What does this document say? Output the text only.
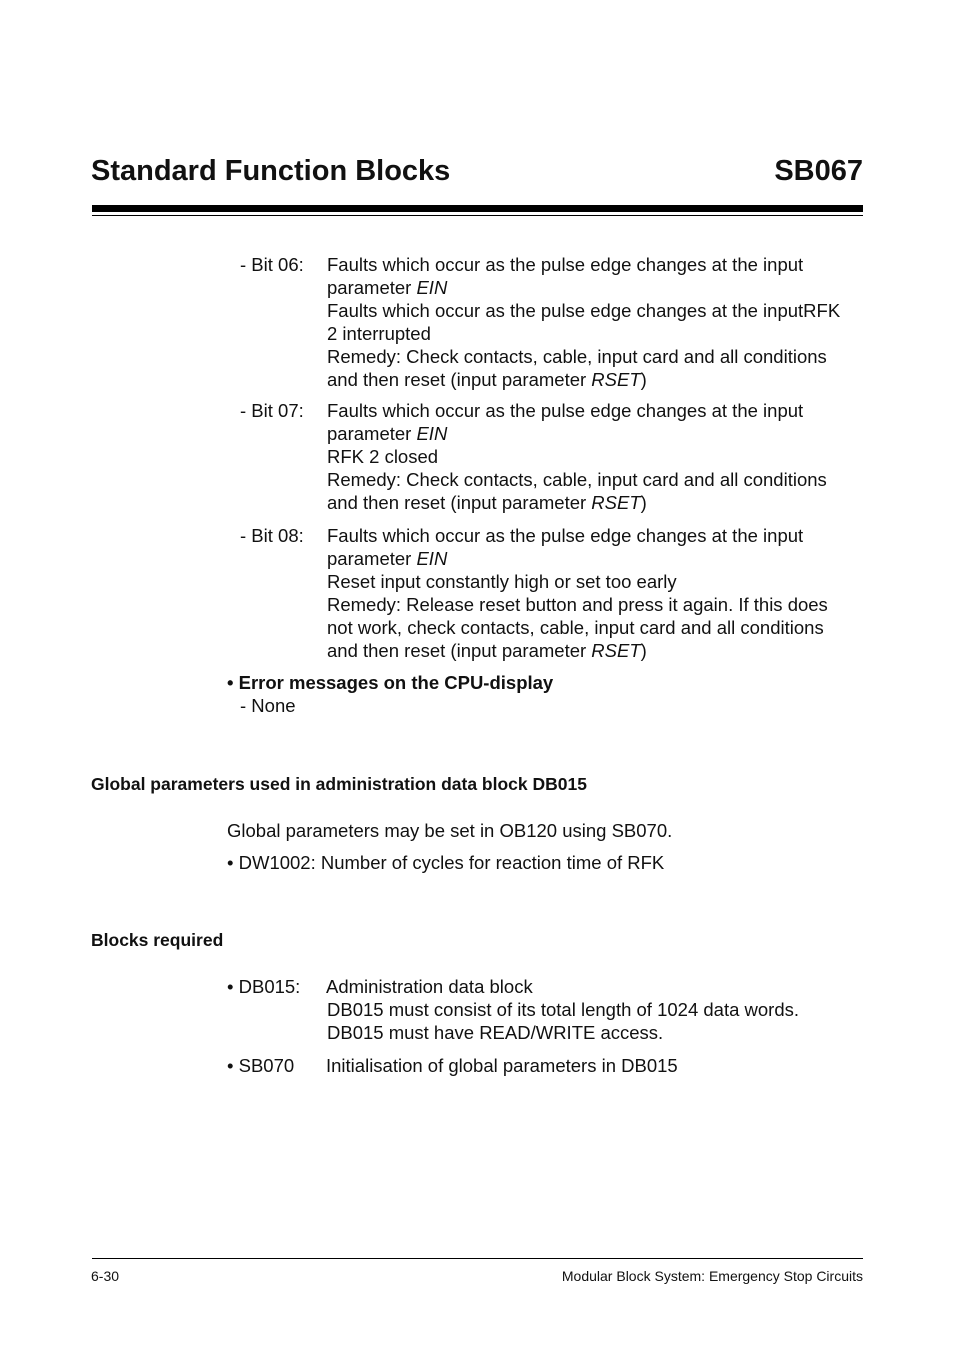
Standard Function Blocks	SB067
- Bit 06: Faults which occur as the pulse edge changes at the input
parameter EIN
Faults which occur as the pulse edge changes at the inputRFK
2 interrupted
Remedy: Check contacts, cable, input card and all conditions
and then reset (input parameter RSET)
- Bit 07: Faults which occur as the pulse edge changes at the input
parameter EIN
RFK 2 closed
Remedy: Check contacts, cable, input card and all conditions
and then reset (input parameter RSET)
- Bit 08: Faults which occur as the pulse edge changes at the input
parameter EIN
Reset input constantly high or set too early
Remedy: Release reset button and press it again. If this does
not work, check contacts, cable, input card and all conditions
and then reset (input parameter RSET)
• Error messages on the CPU-display
- None
Global parameters used in administration data block DB015
Global parameters may be set in OB120 using SB070.
• DW1002: Number of cycles for reaction time of RFK
Blocks required
• DB015: Administration data block
DB015 must consist of its total length of 1024 data words.
DB015 must have READ/WRITE access.
• SB070 Initialisation of global parameters in DB015
6-30	Modular Block System: Emergency Stop Circuits
